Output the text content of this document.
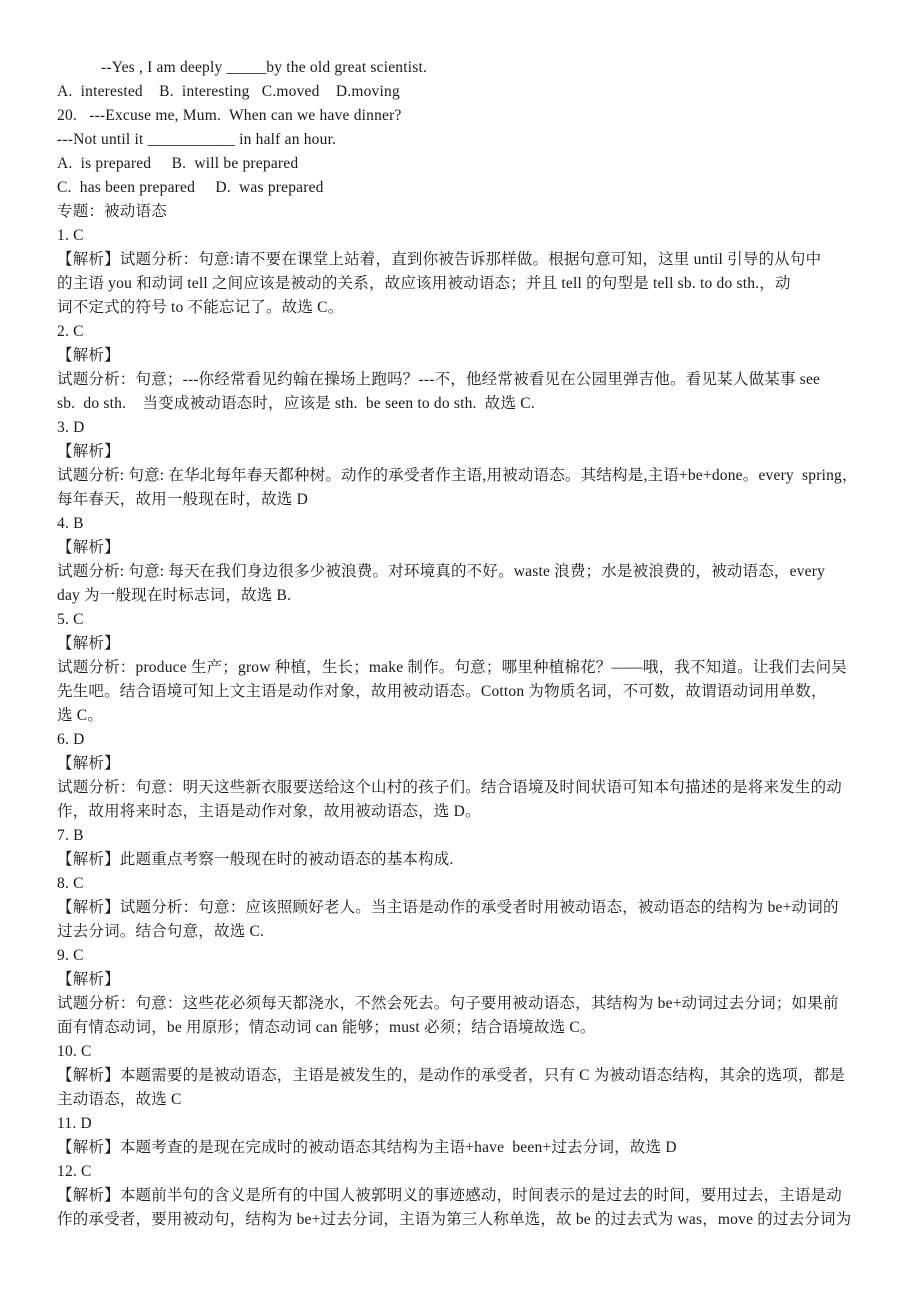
--Yes , I am deeply _____by the old great scientist.
A.  interested    B.  interesting   C.moved    D.moving
20.   ---Excuse me, Mum.  When can we have dinner?
---Not until it ___________ in half an hour.
A.  is prepared     B.  will be prepared
C.  has been prepared     D.  was prepared
专题：被动语态
1. C
【解析】试题分析：句意:请不要在课堂上站着，直到你被告诉那样做。根据句意可知，这里 until 引导的从句中
的主语 you 和动词 tell 之间应该是被动的关系，故应该用被动语态；并且 tell 的句型是 tell sb. to do sth.，动
词不定式的符号 to 不能忘记了。故选 C。
2. C
【解析】
试题分析：句意；---你经常看见约翰在操场上跑吗？---不，他经常被看见在公园里弹吉他。看见某人做某事 see
sb.  do sth.    当变成被动语态时，应该是 sth.  be seen to do sth.  故选 C.
3. D
【解析】
试题分析: 句意: 在华北每年春天都种树。动作的承受者作主语,用被动语态。其结构是,主语+be+done。every  spring，
每年春天，故用一般现在时，故选 D
4. B
【解析】
试题分析: 句意: 每天在我们身边很多少被浪费。对环境真的不好。waste 浪费；水是被浪费的，被动语态，every
day 为一般现在时标志词，故选 B.
5. C
【解析】
试题分析：produce 生产；grow 种植，生长；make 制作。句意；哪里种植棉花？——哦，我不知道。让我们去问吴
先生吧。结合语境可知上文主语是动作对象，故用被动语态。Cotton 为物质名词，不可数，故谓语动词用单数，
选 C。
6. D
【解析】
试题分析：句意：明天这些新衣服要送给这个山村的孩子们。结合语境及时间状语可知本句描述的是将来发生的动
作，故用将来时态，主语是动作对象，故用被动语态，选 D。
7. B
【解析】此题重点考察一般现在时的被动语态的基本构成.
8. C
【解析】试题分析：句意：应该照顾好老人。当主语是动作的承受者时用被动语态，被动语态的结构为 be+动词的
过去分词。结合句意，故选 C.
9. C
【解析】
试题分析：句意：这些花必须每天都浇水，不然会死去。句子要用被动语态，其结构为 be+动词过去分词；如果前
面有情态动词，be 用原形；情态动词 can 能够；must 必须；结合语境故选 C。
10. C
【解析】本题需要的是被动语态，主语是被发生的，是动作的承受者，只有 C 为被动语态结构，其余的选项，都是
主动语态，故选 C
11. D
【解析】本题考查的是现在完成时的被动语态其结构为主语+have  been+过去分词，故选 D
12. C
【解析】本题前半句的含义是所有的中国人被郭明义的事迹感动，时间表示的是过去的时间，要用过去，主语是动
作的承受者，要用被动句，结构为 be+过去分词，主语为第三人称单选，故 be 的过去式为 was，move 的过去分词为
